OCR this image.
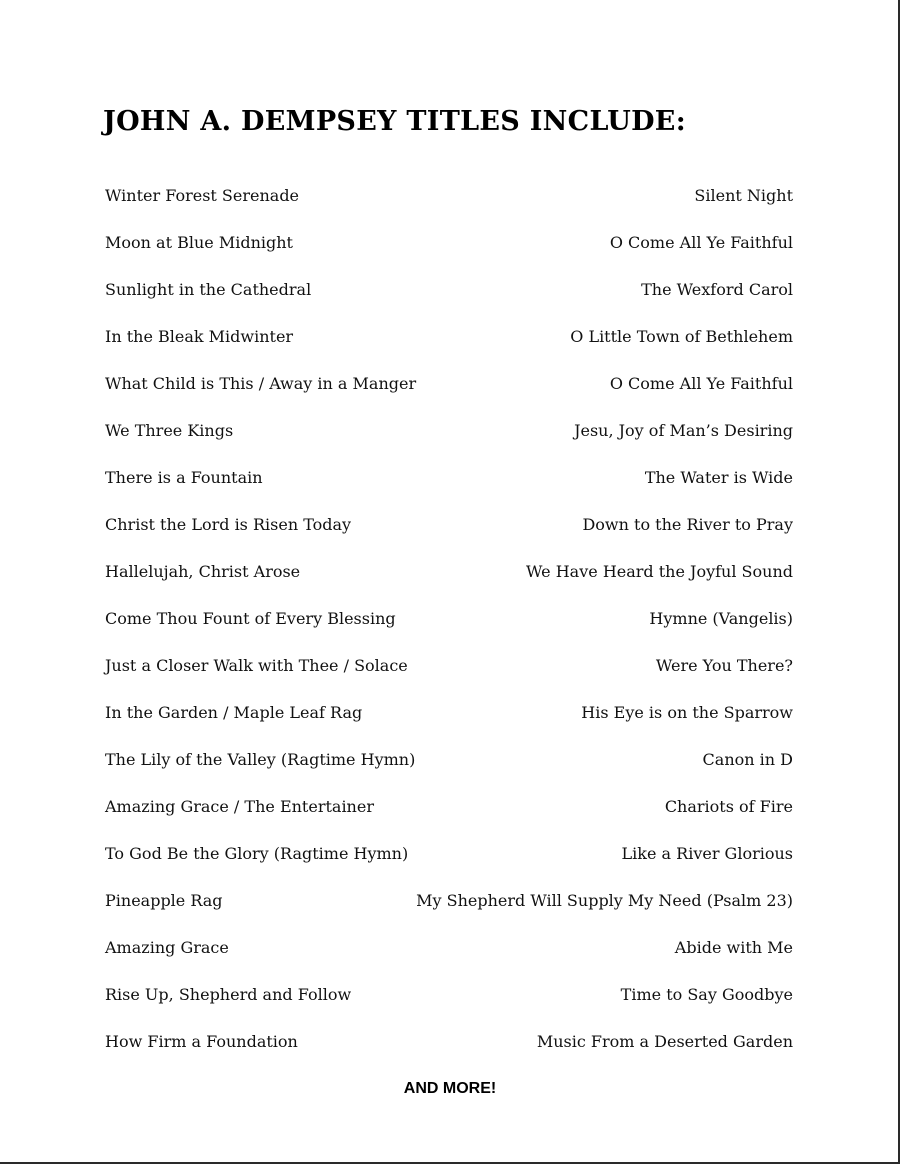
JOHN A. DEMPSEY TITLES INCLUDE:
Winter Forest Serenade	Silent Night
Moon at Blue Midnight	O Come All Ye Faithful
Sunlight in the Cathedral	The Wexford Carol
In the Bleak Midwinter	O Little Town of Bethlehem
What Child is This / Away in a Manger	O Come All Ye Faithful
We Three Kings	Jesu, Joy of Man’s Desiring
There is a Fountain	The Water is Wide
Christ the Lord is Risen Today	Down to the River to Pray
Hallelujah, Christ Arose	We Have Heard the Joyful Sound
Come Thou Fount of Every Blessing	Hymne (Vangelis)
Just a Closer Walk with Thee / Solace	Were You There?
In the Garden / Maple Leaf Rag	His Eye is on the Sparrow
The Lily of the Valley (Ragtime Hymn)	Canon in D
Amazing Grace / The Entertainer	Chariots of Fire
To God Be the Glory (Ragtime Hymn)	Like a River Glorious
Pineapple Rag	My Shepherd Will Supply My Need (Psalm 23)
Amazing Grace	Abide with Me
Rise Up, Shepherd and Follow	Time to Say Goodbye
How Firm a Foundation	Music From a Deserted Garden
AND MORE!
